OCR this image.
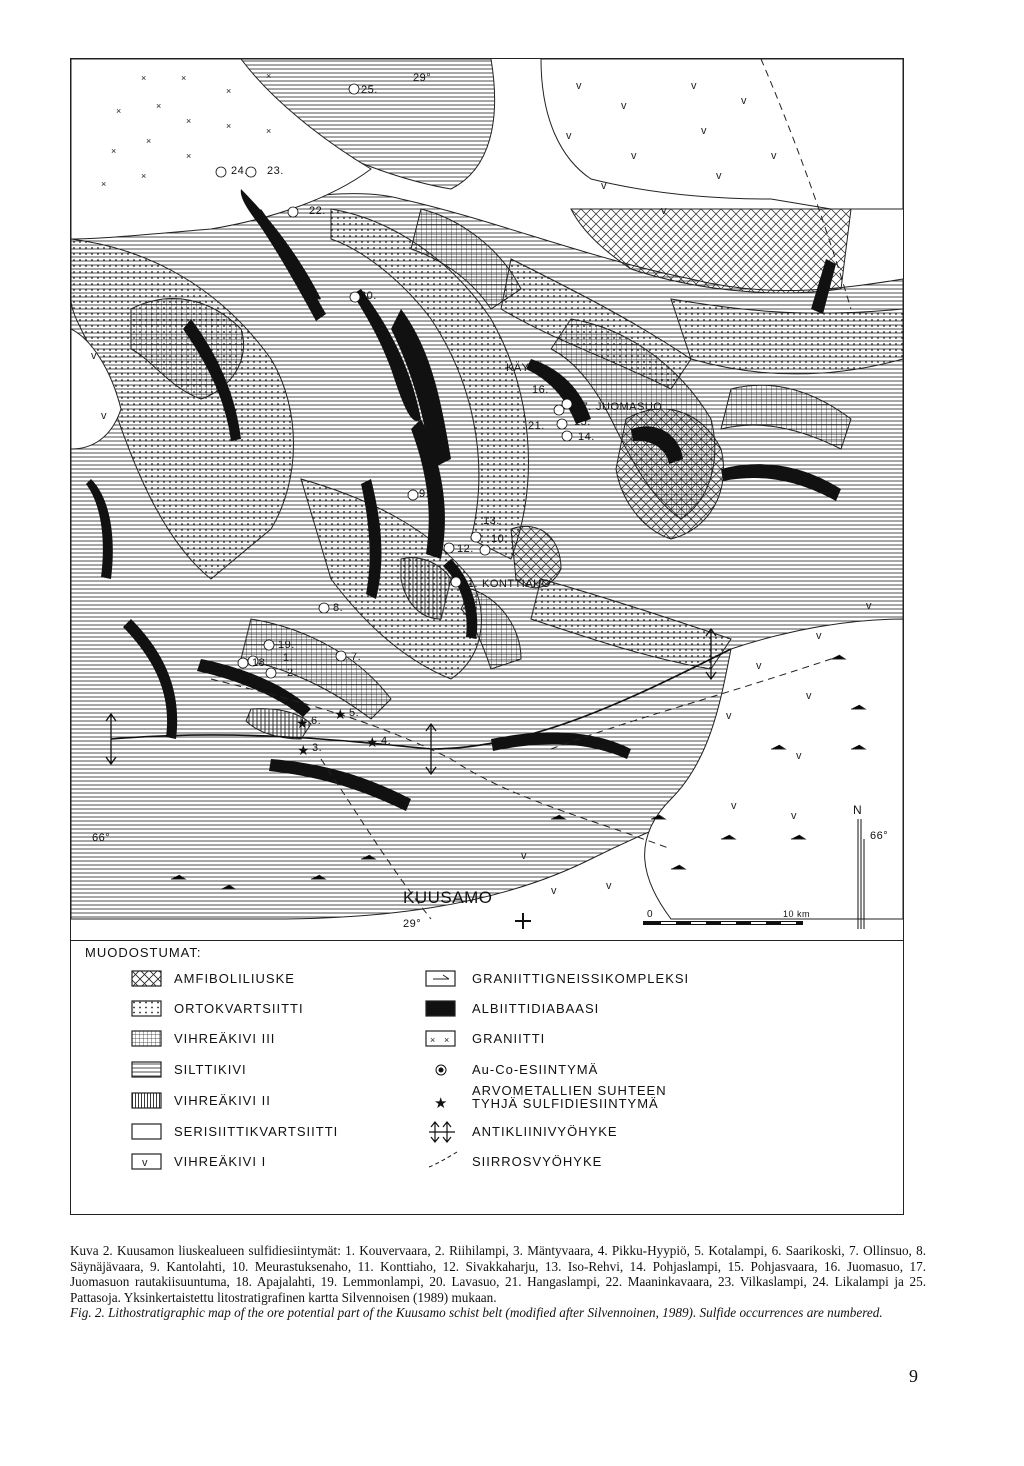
v
v
v
v
v
v
v
v
v
v
v
v
v
v
v
v
v
v
v
v
v
v
v	v
×	×
×
×
×	×
×	×	×
×
×
×
×
×
★
★
★	★
29°
29°
66°	66°
N
KUUSAMO
KÄYLÄ
0	10 km
25.
24. 23.
22.
20.
16.
17. JUOMASUO
21.	15.
14.
9.
13.
10.
12.
11. KONTTIAHO
8.
19.
1.
18.	7.
2.
6.
5.
3.
4.
MUODOSTUMAT:
v
AMFIBOLILIUSKE
ORTOKVARTSIITTI
VIHREÄKIVI III
SILTTIKIVI
VIHREÄKIVI II
SERISIITTIKVARTSIITTI
VIHREÄKIVI I
× ×
★
GRANIITTIGNEISSIKOMPLEKSI
ALBIITTIDIABAASI
GRANIITTI
Au-Co-ESIINTYMÄ
ARVOMETALLIEN SUHTEEN
TYHJÄ SULFIDIESIINTYMÄ
ANTIKLIINIVYÖHYKE
SIIRROSVYÖHYKE

Kuva 2. Kuusamon liuskealueen sulfidiesiintymät: 1. Kouvervaara, 2. Riihilampi, 3. Mäntyvaara, 4. Pikku-Hyypiö, 5. Kotalampi, 6. Saarikoski, 7. Ollinsuo, 8. Säynäjävaara, 9. Kantolahti, 10. Meurastuksenaho, 11. Konttiaho, 12. Sivakkaharju, 13. Iso-Rehvi, 14. Pohjaslampi, 15. Pohjasvaara, 16. Juomasuo, 17. Juomasuon rautakiisuuntuma, 18. Apajalahti, 19. Lemmonlampi, 20. Lavasuo, 21. Hangaslampi, 22. Maaninkavaara, 23. Vilkaslampi, 24. Likalampi ja 25. Pattasoja. Yksinkertaistettu litostratigrafinen kartta Silvennoisen (1989) mukaan.

Fig. 2. Lithostratigraphic map of the ore potential part of the Kuusamo schist belt (modified after Silvennoinen, 1989). Sulfide occurrences are numbered.

9
